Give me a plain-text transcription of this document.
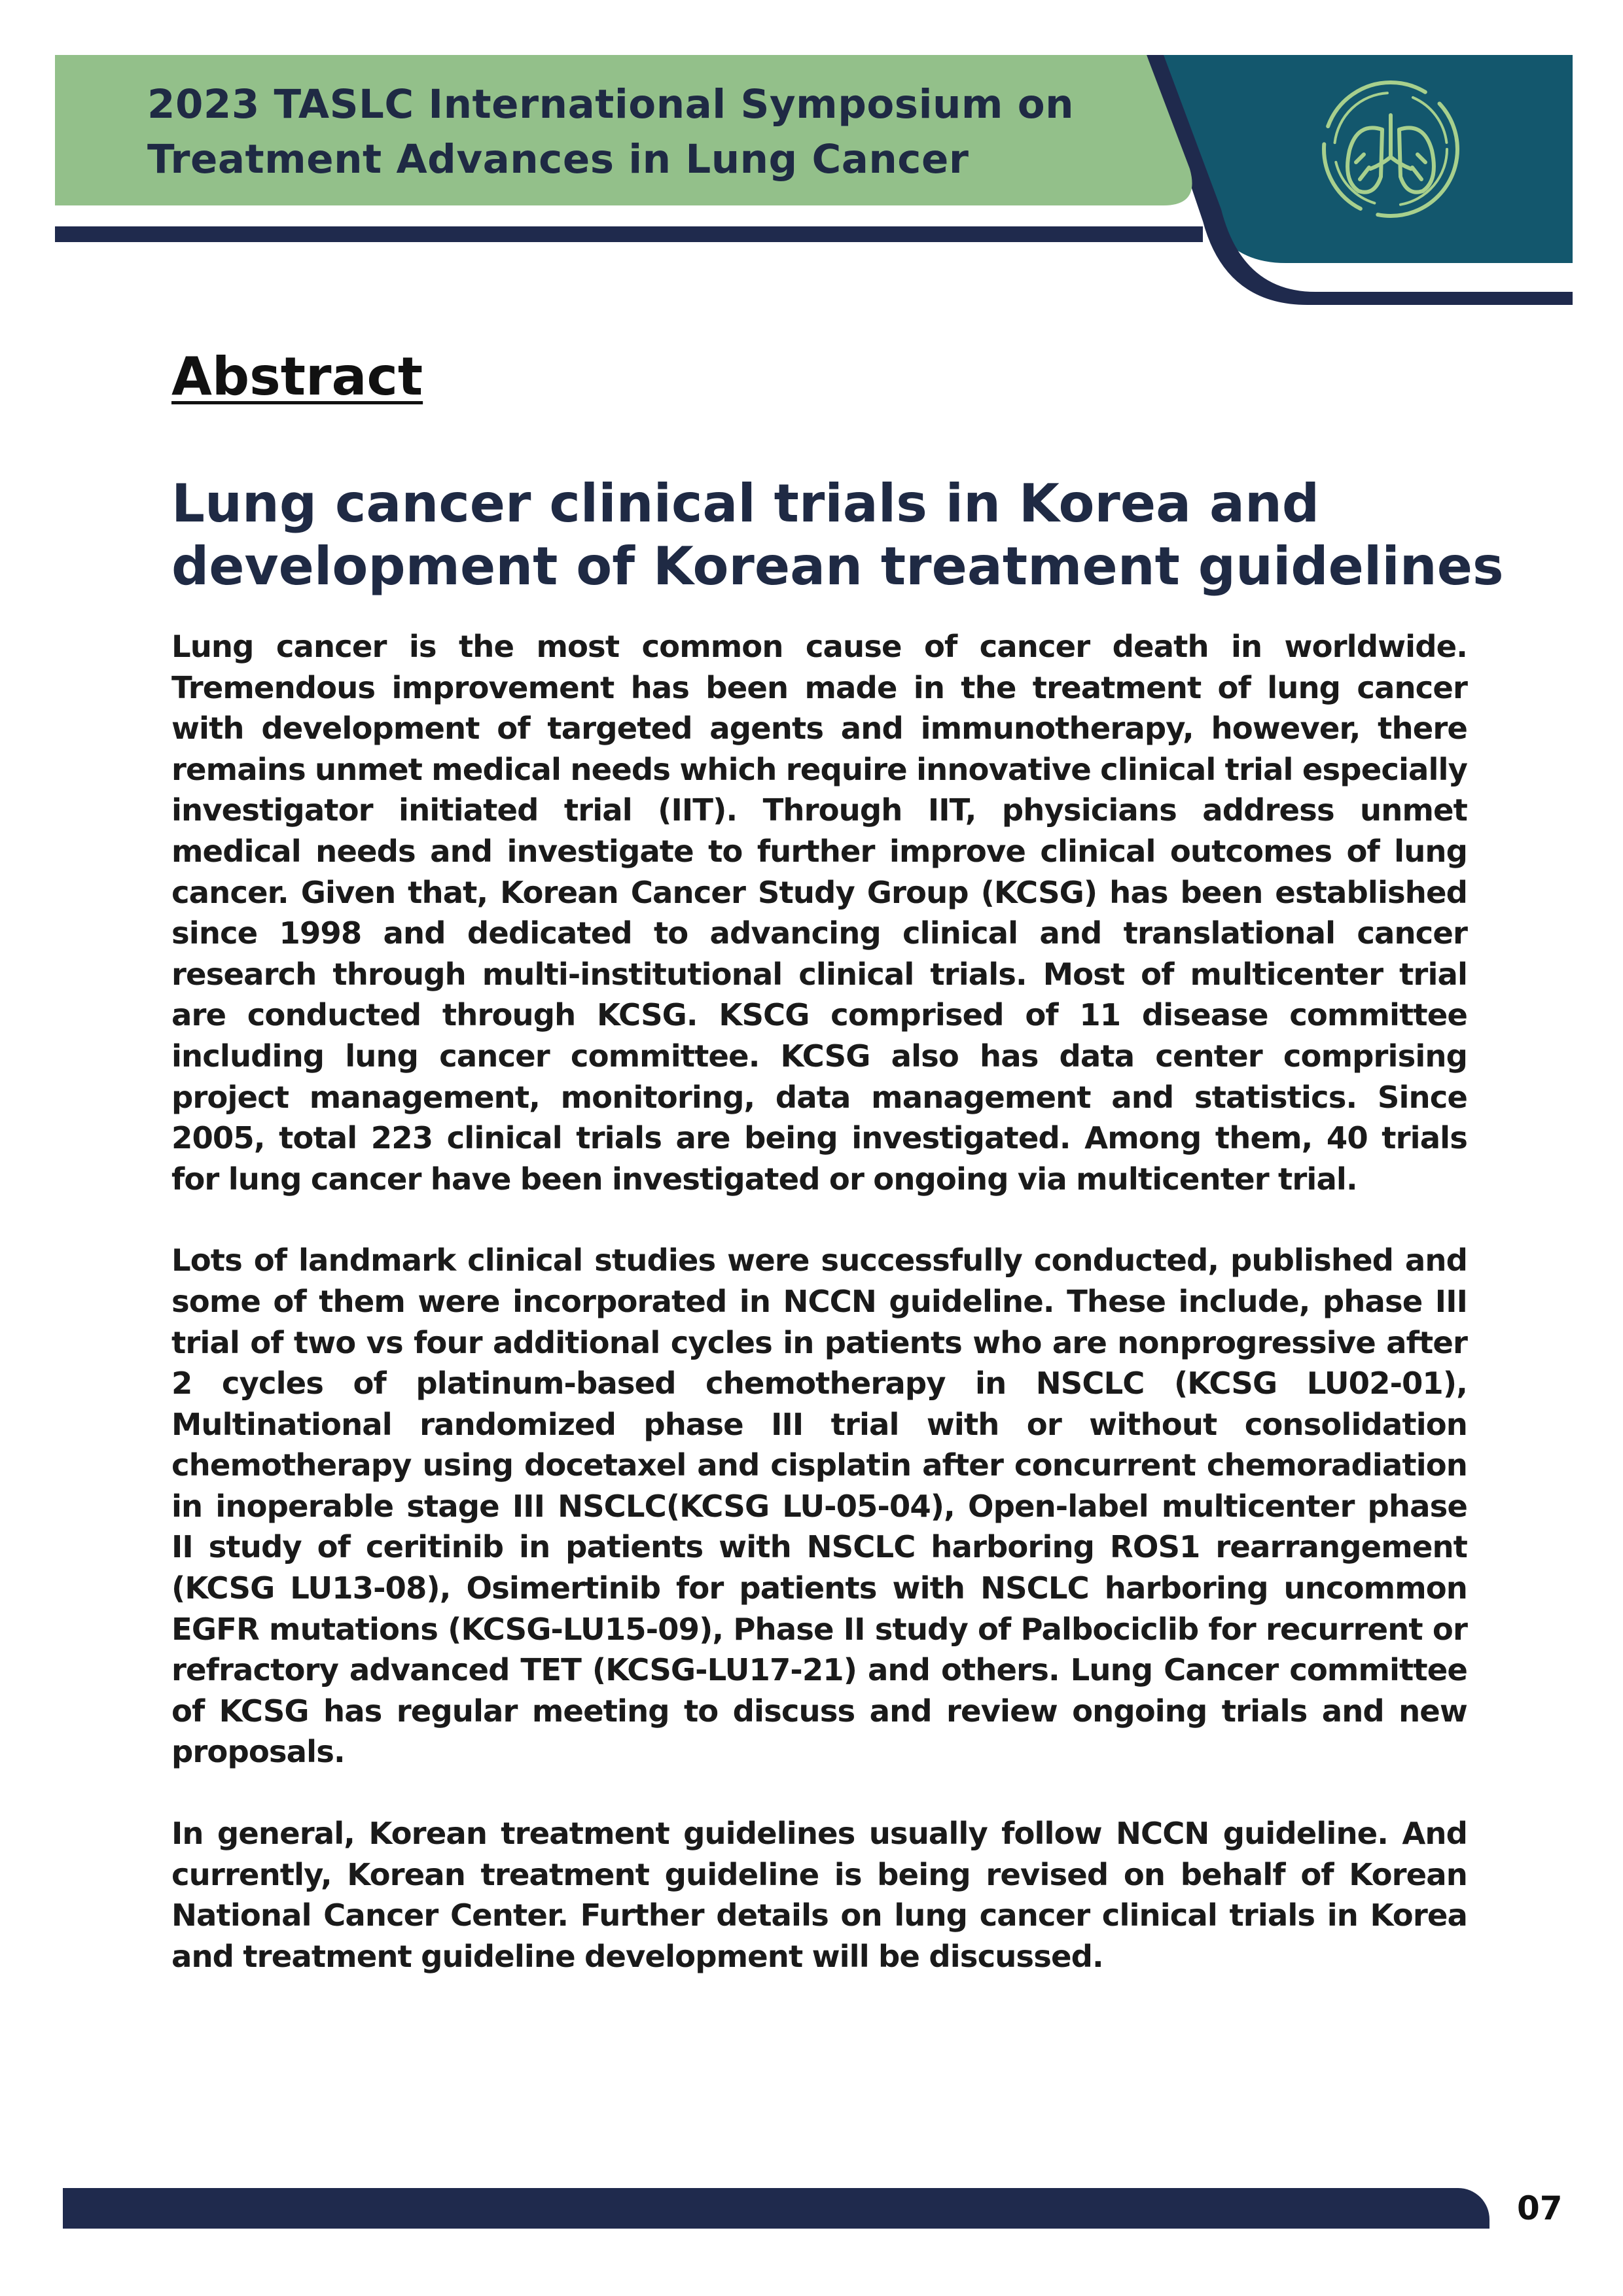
2023 TASLC International Symposium on
Treatment Advances in Lung Cancer
Abstract
Lung cancer clinical trials in Korea and
development of Korean treatment guidelines

Lung cancer is the most common cause of cancer death in worldwide. Tremendous improvement has been made in the treatment of lung cancer with development of targeted agents and immunotherapy, however, there remains unmet medical needs which require innovative clinical trial especially investigator initiated trial (IIT). Through IIT, physicians address unmet medical needs and investigate to further improve clinical outcomes of lung cancer. Given that, Korean Cancer Study Group (KCSG) has been established since 1998 and dedicated to advancing clinical and translational cancer research through multi-institutional clinical trials. Most of multicenter trial are conducted through KCSG. KSCG comprised of 11 disease committee including lung cancer committee. KCSG also has data center comprising project management, monitoring, data management and statistics. Since 2005, total 223 clinical trials are being investigated. Among them, 40 trials for lung cancer have been investigated or ongoing via multicenter trial.

Lots of landmark clinical studies were successfully conducted, published and some of them were incorporated in NCCN guideline. These include, phase III trial of two vs four additional cycles in patients who are nonprogressive after 2 cycles of platinum-based chemotherapy in NSCLC (KCSG LU02-01), Multinational randomized phase III trial with or without consolidation chemotherapy using docetaxel and cisplatin after concurrent chemoradiation in inoperable stage III NSCLC(KCSG LU-05-04), Open-label multicenter phase II study of ceritinib in patients with NSCLC harboring ROS1 rearrangement (KCSG LU13-08), Osimertinib for patients with NSCLC harboring uncommon EGFR mutations (KCSG-LU15-09), Phase II study of Palbociclib for recurrent or refractory advanced TET (KCSG-LU17-21) and others. Lung Cancer committee of KCSG has regular meeting to discuss and review ongoing trials and new proposals.

In general, Korean treatment guidelines usually follow NCCN guideline. And currently, Korean treatment guideline is being revised on behalf of Korean National Cancer Center. Further details on lung cancer clinical trials in Korea and treatment guideline development will be discussed.

07
